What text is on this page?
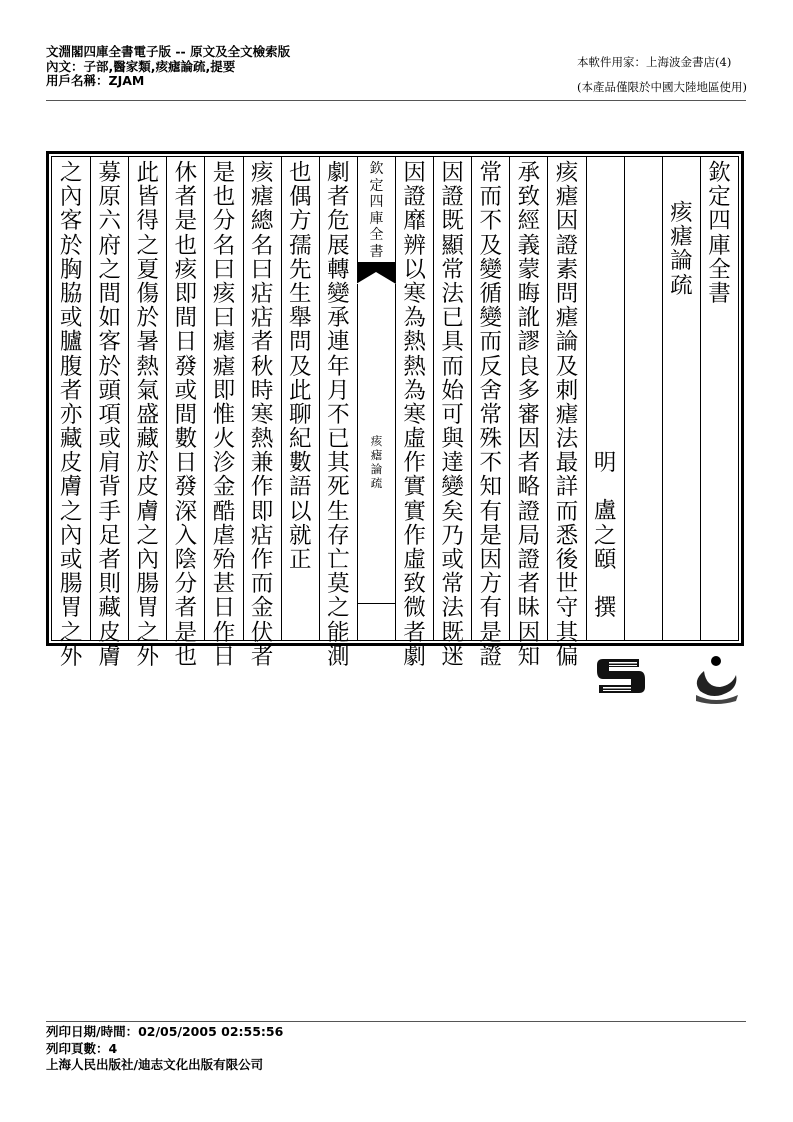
文淵閣四庫全書電子版 -- 原文及全文檢索版
內文：子部,醫家類,痎瘧論疏,提要
用戶名稱：ZJAM
本軟件用家：上海波金書店(4)
(本產品僅限於中國大陸地區使用)
欽
定
四
庫
全
書
痎
瘧
論
疏
明

盧
之
頤

撰
痎
瘧
因
證
素
問
瘧
論
及
刺
瘧
法
最
詳
而
悉
後
世
守
其
偏
承
致
經
義
蒙
晦
訛
謬
良
多
審
因
者
略
證
局
證
者
昧
因
知
常
而
不
及
變
循
變
而
反
舍
常
殊
不
知
有
是
因
方
有
是
證
因
證
既
顯
常
法
已
具
而
始
可
與
達
變
矣
乃
或
常
法
既
迷
因
證
靡
辨
以
寒
為
熱
熱
為
寒
虛
作
實
實
作
虛
致
微
者
劇
欽
定
四
庫
全
書
痎
瘧
論
疏
劇
者
危
展
轉
變
承
連
年
月
不
已
其
死
生
存
亡
莫
之
能
測
也
偶
方
孺
先
生
舉
問
及
此
聊
紀
數
語
以
就
正
痎
瘧
總
名
曰
痁
痁
者
秋
時
寒
熱
兼
作
即
痁
作
而
金
伏
者
是
也
分
名
曰
痎
曰
瘧
瘧
即
惟
火
沴
金
酷
虐
殆
甚
日
作
日
休
者
是
也
痎
即
間
日
發
或
間
數
日
發
深
入
陰
分
者
是
也
此
皆
得
之
夏
傷
於
暑
熱
氣
盛
藏
於
皮
膚
之
內
腸
胃
之
外
募
原
六
府
之
間
如
客
於
頭
項
或
肩
背
手
足
者
則
藏
皮
膚
之
內
客
於
胸
脇
或
臚
腹
者
亦
藏
皮
膚
之
內
或
腸
胃
之
外
列印日期/時間：02/05/2005 02:55:56
列印頁數：4
上海人民出版社/迪志文化出版有限公司
